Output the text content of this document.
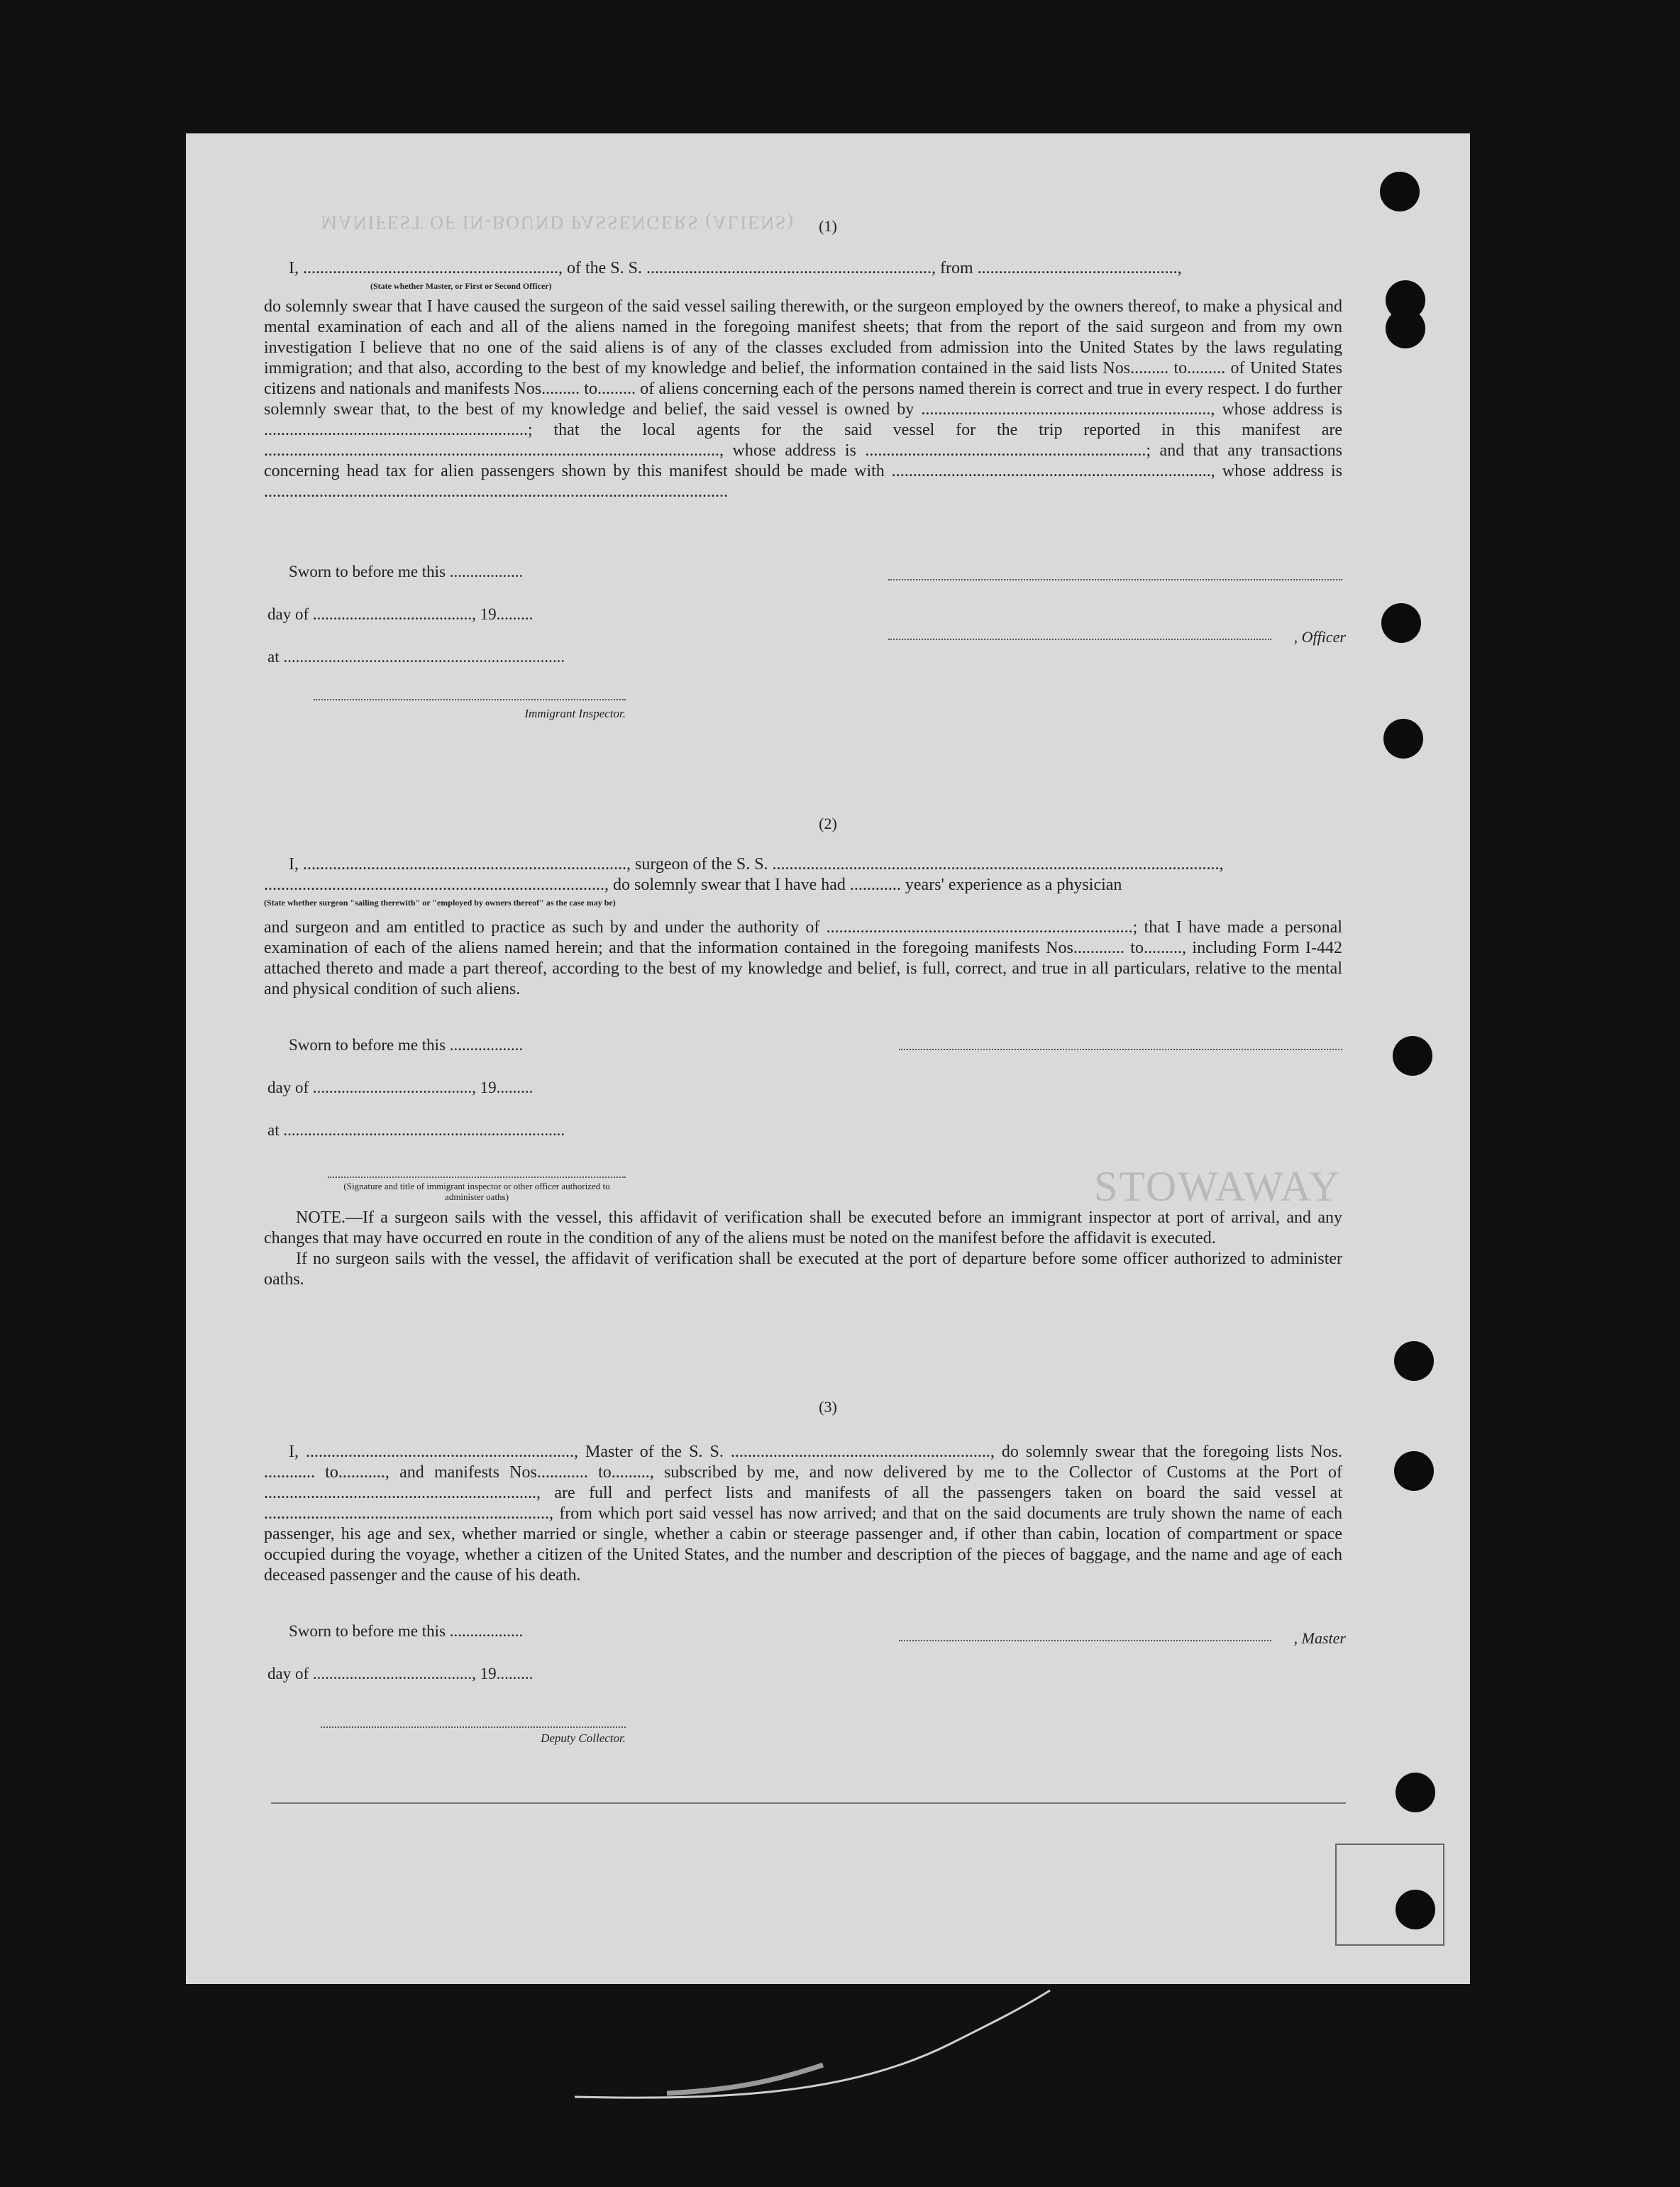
MANIFEST OF IN-BOUND PASSENGERS (ALIENS)
STOWAWAY
(1)
I, ............................................................, of the S. S. ..................................................................., from ...............................................,
(State whether Master, or First or Second Officer)
do solemnly swear that I have caused the surgeon of the said vessel sailing therewith, or the surgeon employed by the owners thereof, to make a physical and mental examination of each and all of the aliens named in the foregoing manifest sheets; that from the report of the said surgeon and from my own investigation I believe that no one of the said aliens is of any of the classes excluded from admission into the United States by the laws regulating immigration; and that also, according to the best of my knowledge and belief, the information contained in the said lists Nos......... to......... of United States citizens and nationals and manifests Nos......... to......... of aliens concerning each of the persons named therein is correct and true in every respect. I do further solemnly swear that, to the best of my knowledge and belief, the said vessel is owned by ...................................................................., whose address is ..............................................................; that the local agents for the said vessel for the trip reported in this manifest are ..........................................................................................................., whose address is ..................................................................; and that any transactions concerning head tax for alien passengers shown by this manifest should be made with ..........................................................................., whose address is .............................................................................................................
Sworn to before me this ..................
day of ......................................., 19.........
at .....................................................................
Immigrant Inspector.
, Officer
(2)
I, ............................................................................, surgeon of the S. S. .........................................................................................................,
................................................................................, do solemnly swear that I have had ............ years' experience as a physician
(State whether surgeon "sailing therewith" or "employed by owners thereof" as the case may be)
and surgeon and am entitled to practice as such by and under the authority of ........................................................................; that I have made a personal examination of each of the aliens named herein; and that the information contained in the foregoing manifests Nos............ to........., including Form I-442 attached thereto and made a part thereof, according to the best of my knowledge and belief, is full, correct, and true in all particulars, relative to the mental and physical condition of such aliens.
Sworn to before me this ..................
day of ......................................., 19.........
at .....................................................................
(Signature and title of immigrant inspector or other officer authorized to administer oaths)
NOTE.—If a surgeon sails with the vessel, this affidavit of verification shall be executed before an immigrant inspector at port of arrival, and any changes that may have occurred en route in the condition of any of the aliens must be noted on the manifest before the affidavit is executed.
If no surgeon sails with the vessel, the affidavit of verification shall be executed at the port of departure before some officer authorized to administer oaths.
(3)
I, ..............................................................., Master of the S. S. ............................................................., do solemnly swear that the foregoing lists Nos. ............ to..........., and manifests Nos............ to........., subscribed by me, and now delivered by me to the Collector of Customs at the Port of ................................................................, are full and perfect lists and manifests of all the passengers taken on board the said vessel at ..................................................................., from which port said vessel has now arrived; and that on the said documents are truly shown the name of each passenger, his age and sex, whether married or single, whether a cabin or steerage passenger and, if other than cabin, location of compartment or space occupied during the voyage, whether a citizen of the United States, and the number and description of the pieces of baggage, and the name and age of each deceased passenger and the cause of his death.
Sworn to before me this ..................
day of ......................................., 19.........
Deputy Collector.
, Master
